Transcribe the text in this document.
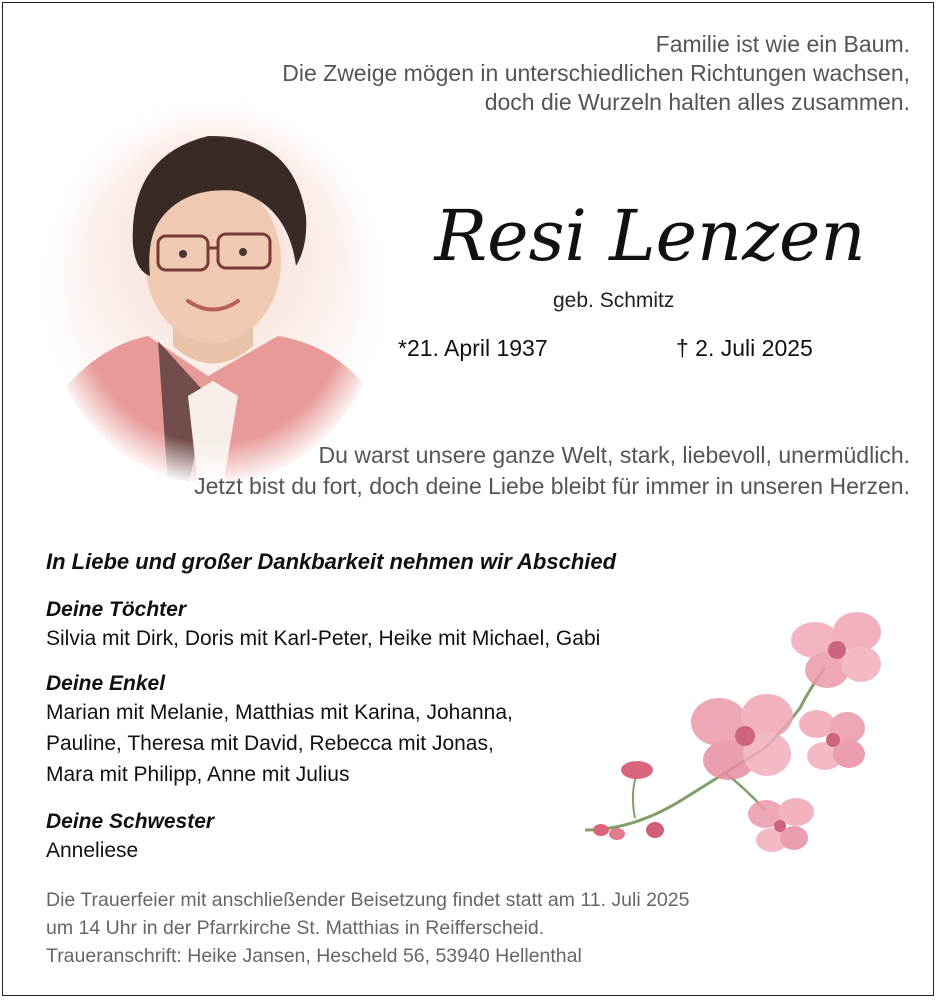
Familie ist wie ein Baum.
Die Zweige mögen in unterschiedlichen Richtungen wachsen,
doch die Wurzeln halten alles zusammen.
Resi Lenzen
geb. Schmitz
*21. April 1937	† 2. Juli 2025
Du warst unsere ganze Welt, stark, liebevoll, unermüdlich.
Jetzt bist du fort, doch deine Liebe bleibt für immer in unseren Herzen.
In Liebe und großer Dankbarkeit nehmen wir Abschied
Deine Töchter
Silvia mit Dirk, Doris mit Karl-Peter, Heike mit Michael, Gabi
Deine Enkel
Marian mit Melanie, Matthias mit Karina, Johanna,
Pauline, Theresa mit David, Rebecca mit Jonas,
Mara mit Philipp, Anne mit Julius
Deine Schwester
Anneliese
Die Trauerfeier mit anschließender Beisetzung findet statt am 11. Juli 2025
um 14 Uhr in der Pfarrkirche St. Matthias in Reifferscheid.
Traueranschrift: Heike Jansen, Hescheld 56, 53940 Hellenthal
